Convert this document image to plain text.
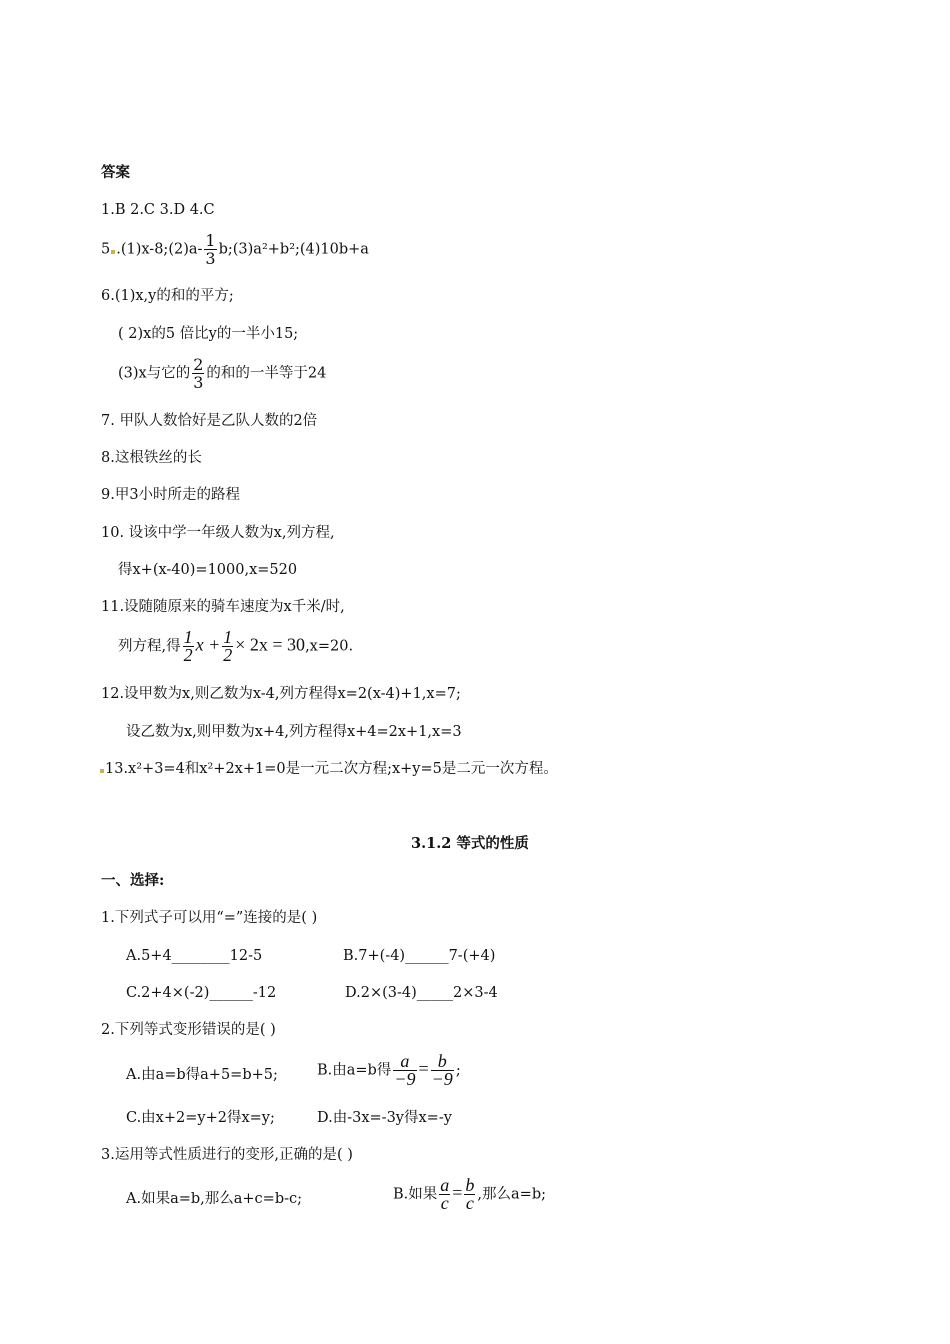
答案
1.B 2.C 3.D 4.C
5 .(1)x-8;(2)a- $\frac{1}{3}$ b;(3)a²+b²;(4)10b+a
6.(1)x,y的和的平方;
( 2)x的5 倍比y的一半小15;
(3)x与它的 $\frac{2}{3}$ 的和的一半等于24
7. 甲队人数恰好是乙队人数的2倍
8.这根铁丝的长
9.甲3小时所走的路程
10. 设该中学一年级人数为x,列方程,
得x+(x-40)=1000,x=520
11.设随随原来的骑车速度为x千米/时,
列方程,得 $\frac{1}{2}$ $x + \frac{1}{2} \times 2x = 30,x=20$.
12.设甲数为x,则乙数为x-4,列方程得x=2(x-4)+1,x=7;
设乙数为x,则甲数为x+4,列方程得x+4=2x+1,x=3
13.x²+3=4和x²+2x+1=0是一元二次方程;x+y=5是二元一次方程。
3.1.2 等式的性质
一、选择:
1.下列式子可以用“=”连接的是( )
A.5+4________12-5	B.7+(-4)______7-(+4)
C.2+4×(-2)______-12	D.2×(3-4)_____2×3-4
2.下列等式变形错误的是( )
A.由a=b得a+5=b+5;	B.由a=b得 $\frac{a}{-9} = \frac{b}{-9}$ ;
C.由x+2=y+2得x=y;	D.由-3x=-3y得x=-y
3.运用等式性质进行的变形,正确的是( )
A.如果a=b,那么a+c=b-c;	B.如果 $\frac{a}{c} = \frac{b}{c}$ ,那么a=b;
